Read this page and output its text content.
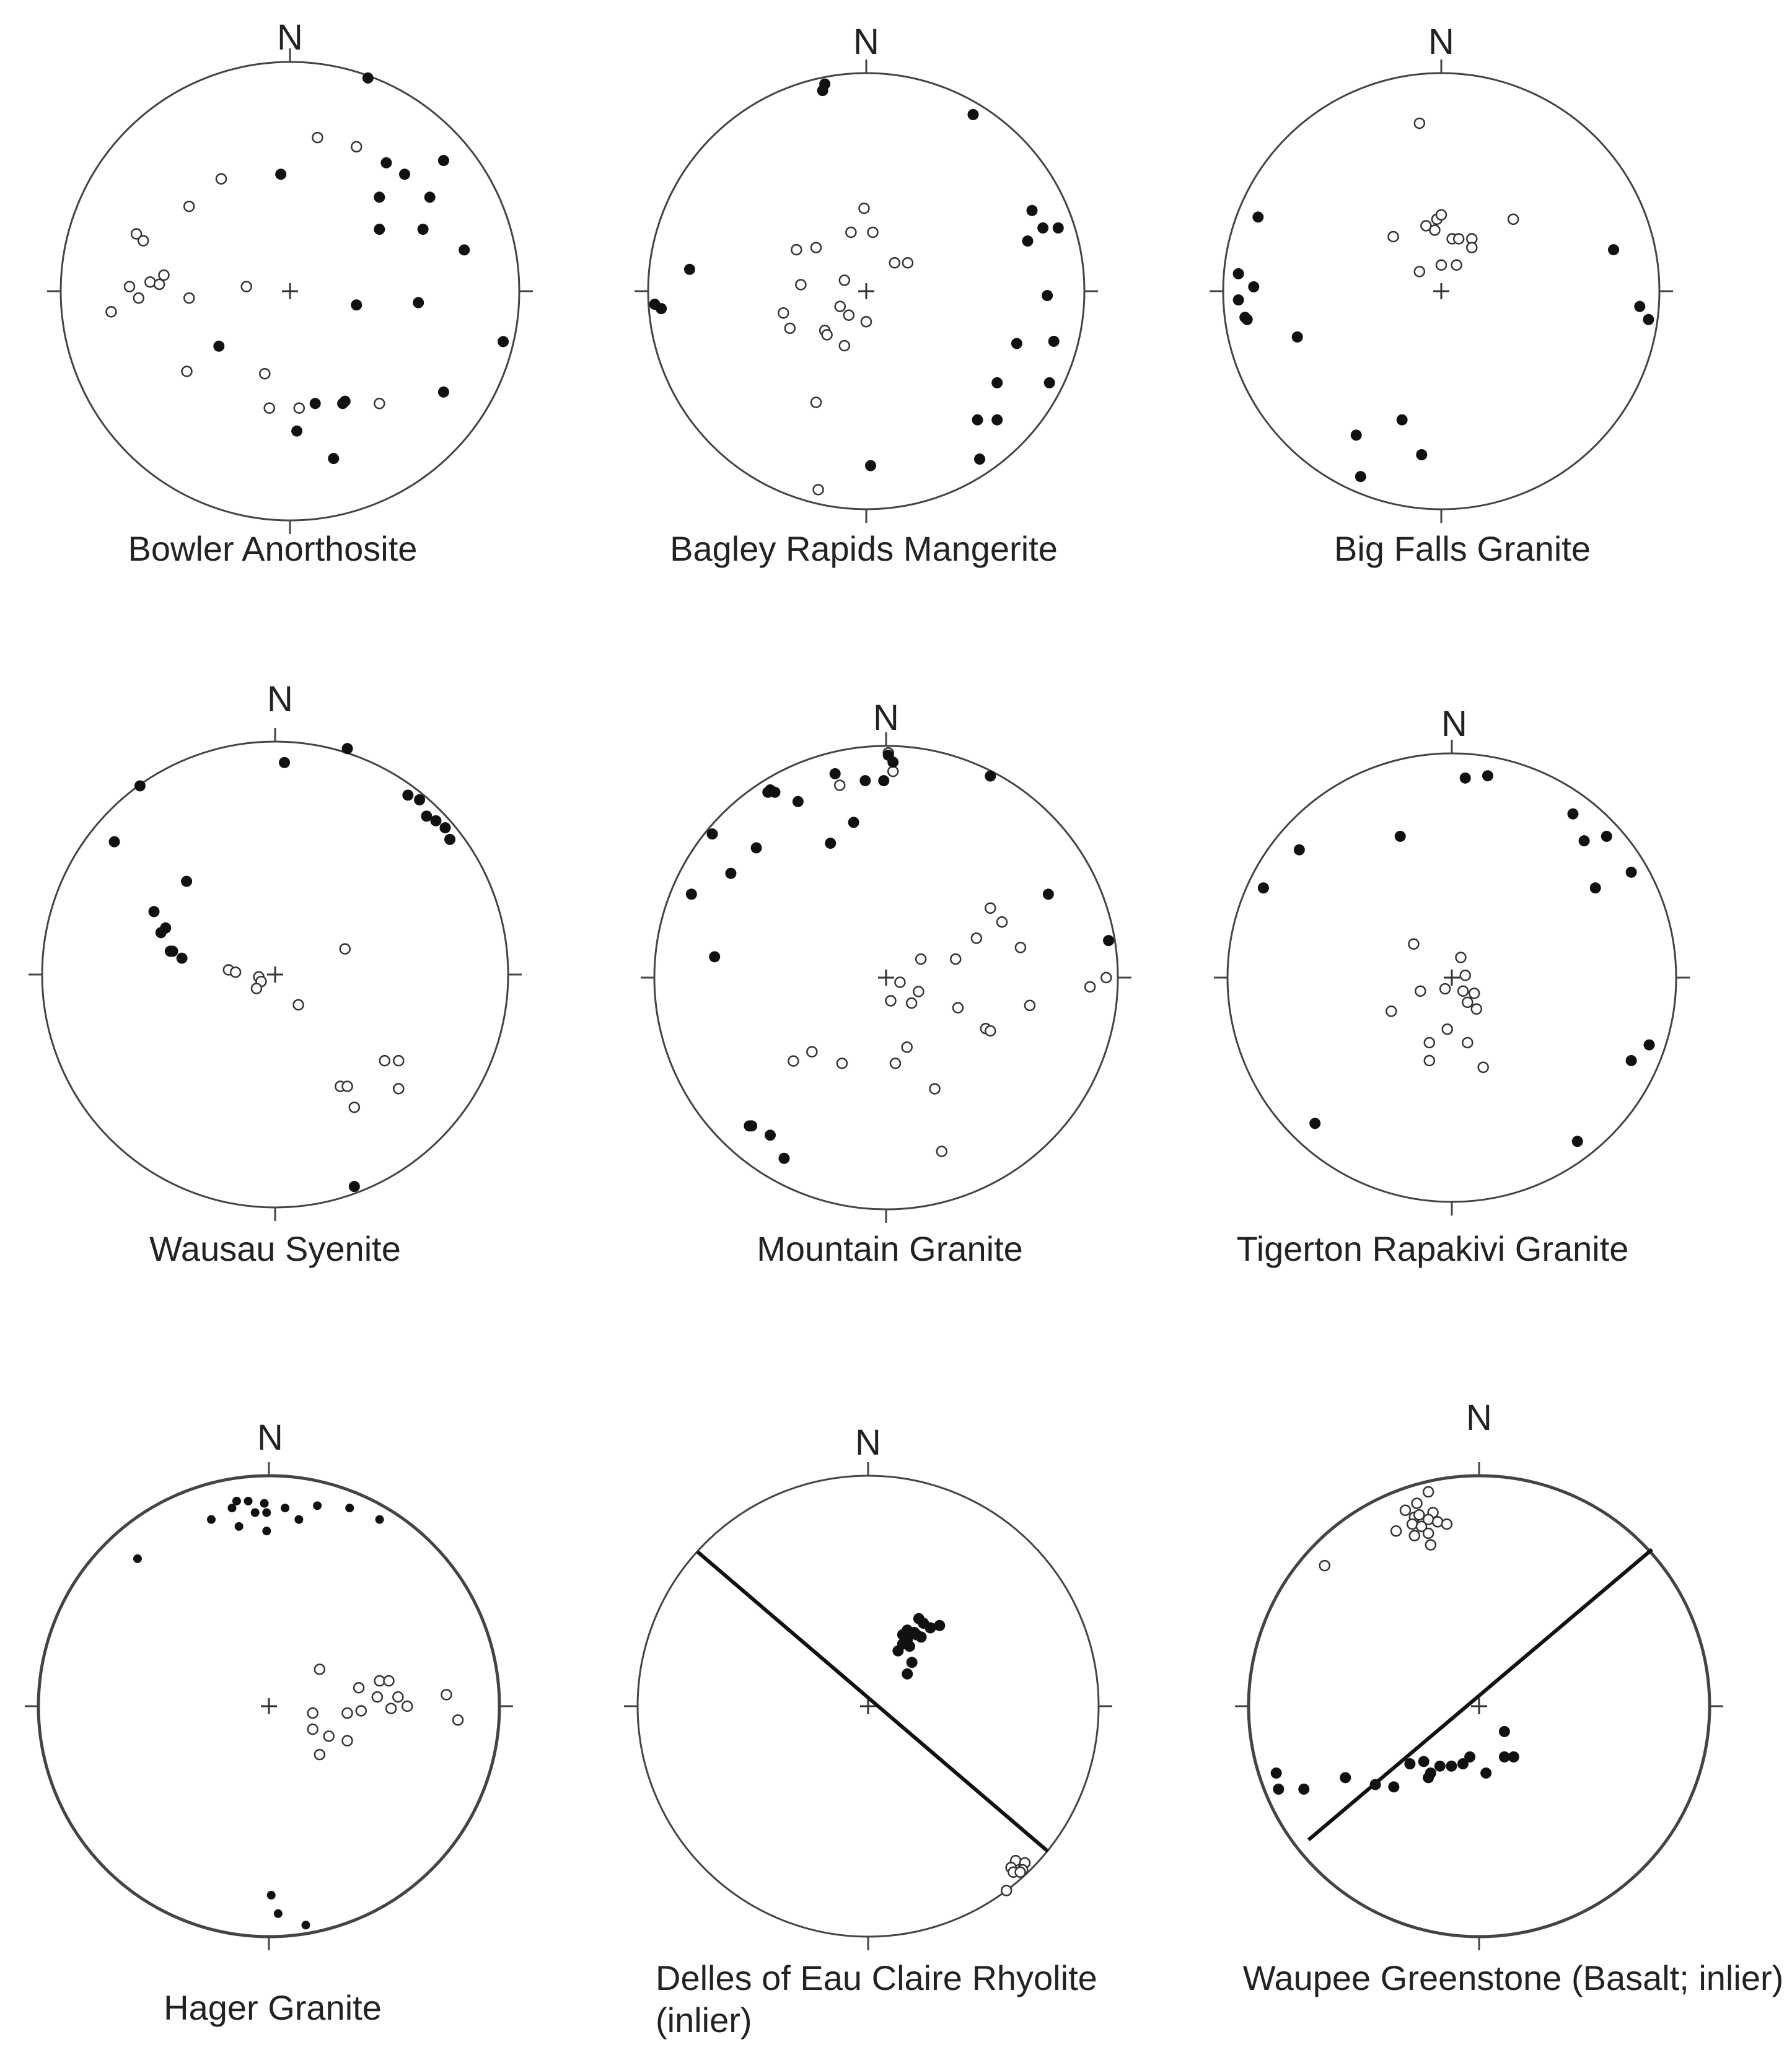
N
Bowler Anorthosite
N
Bagley Rapids Mangerite
N
Big Falls Granite
N
Wausau Syenite
N
Mountain Granite
N
Tigerton Rapakivi Granite
N
Hager Granite
N
Delles of Eau Claire Rhyolite (inlier)
N
Waupee Greenstone (Basalt; inlier)
